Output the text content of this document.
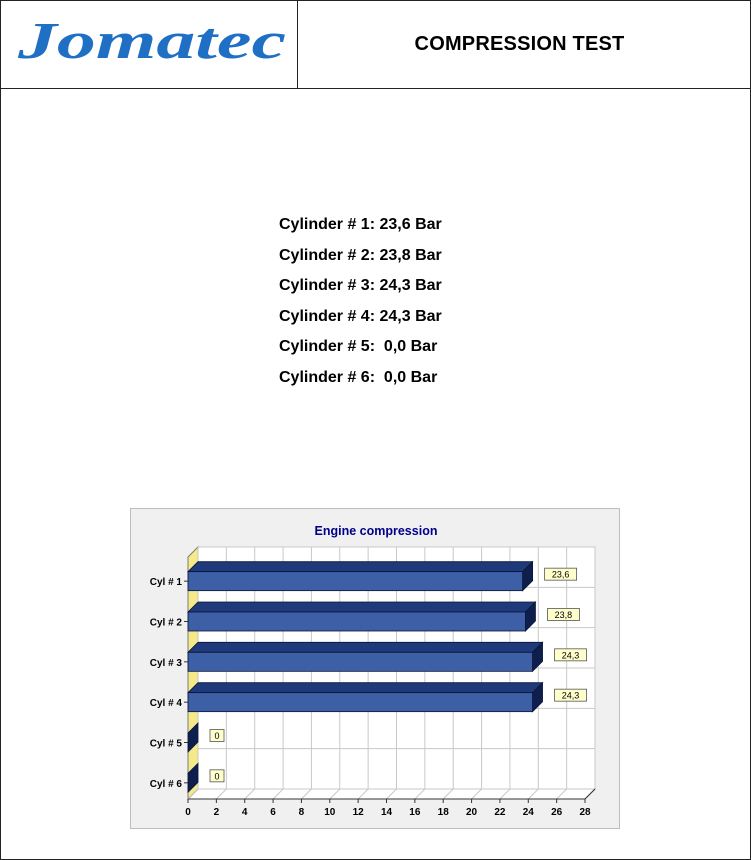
Jomatec	COMPRESSION TEST
Cylinder # 1: 23,6 Bar
Cylinder # 2: 23,8 Bar
Cylinder # 3: 24,3 Bar
Cylinder # 4: 24,3 Bar
Cylinder # 5:  0,0 Bar
Cylinder # 6:  0,0 Bar
Engine compression
0 2 4 6 8 10 12 14 16 18 20 22 24 26 28
Cyl # 1
23,6
Cyl # 2
23,8
Cyl # 3
24,3
Cyl # 4
24,3
Cyl # 5
0
Cyl # 6
0
